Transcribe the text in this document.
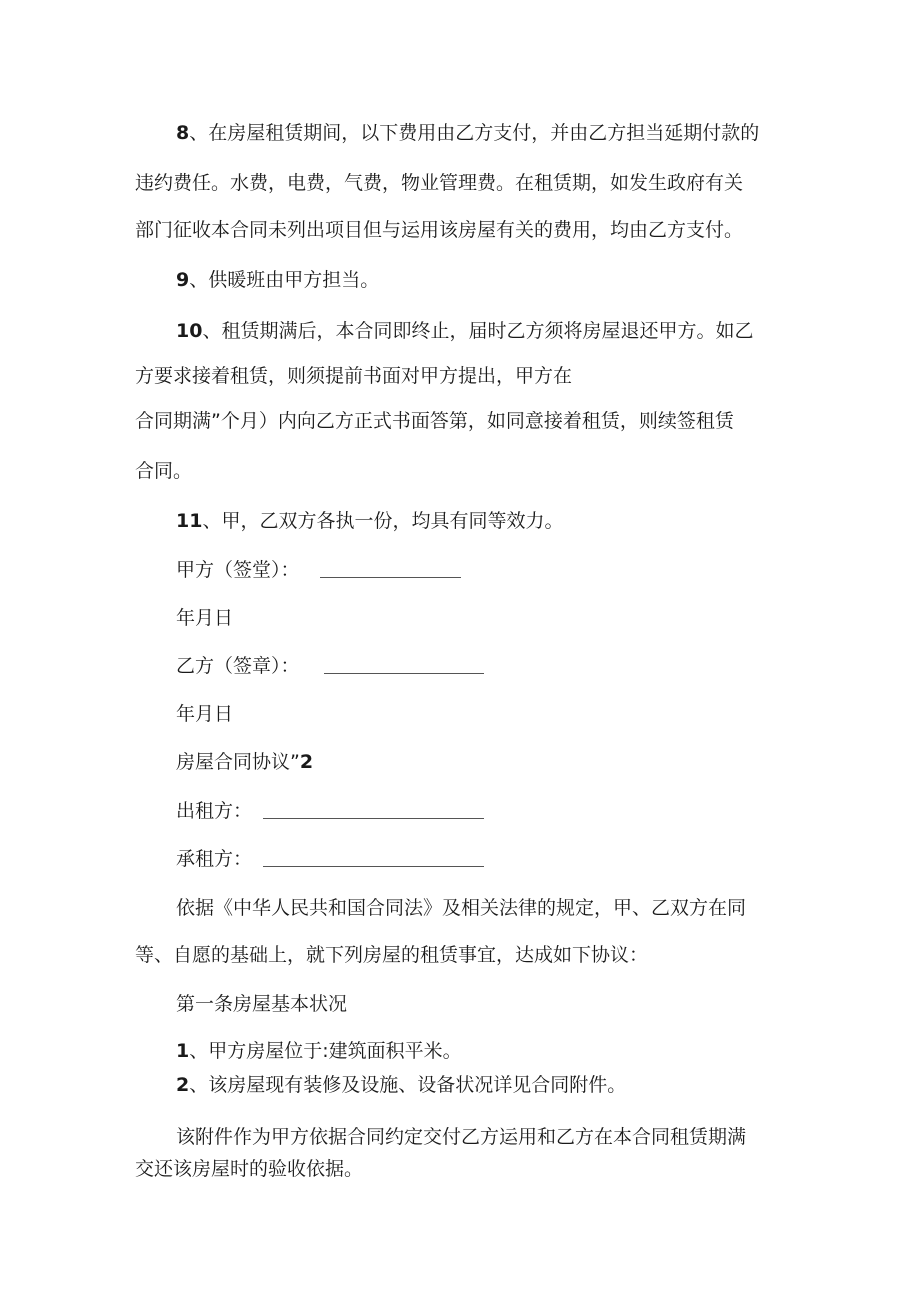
8、在房屋租赁期间，以下费用由乙方支付，并由乙方担当延期付款的
违约费任。水费，电费，气费，物业管理费。在租赁期，如发生政府有关
部门征收本合同未列出项目但与运用该房屋有关的费用，均由乙方支付。
9、供暖班由甲方担当。
10、租赁期满后，本合同即终止，届时乙方须将房屋退还甲方。如乙
方要求接着租赁，则须提前书面对甲方提出，甲方在
合同期满”个月）内向乙方正式书面答第，如同意接着租赁，则续签租赁
合同。
11、甲，乙双方各执一份，均具有同等效力。
甲方（签堂）：
年月日
乙方（签章）：
年月日
房屋合同协议”2
出租方：
承租方：
依据《中华人民共和国合同法》及相关法律的规定，甲、乙双方在同
等、自愿的基础上，就下列房屋的租赁事宜，达成如下协议：
第一条房屋基本状况
1、甲方房屋位于:建筑面积平米。
2、该房屋现有装修及设施、设备状况详见合同附件。
该附件作为甲方依据合同约定交付乙方运用和乙方在本合同租赁期满
交还该房屋时的验收依据。
